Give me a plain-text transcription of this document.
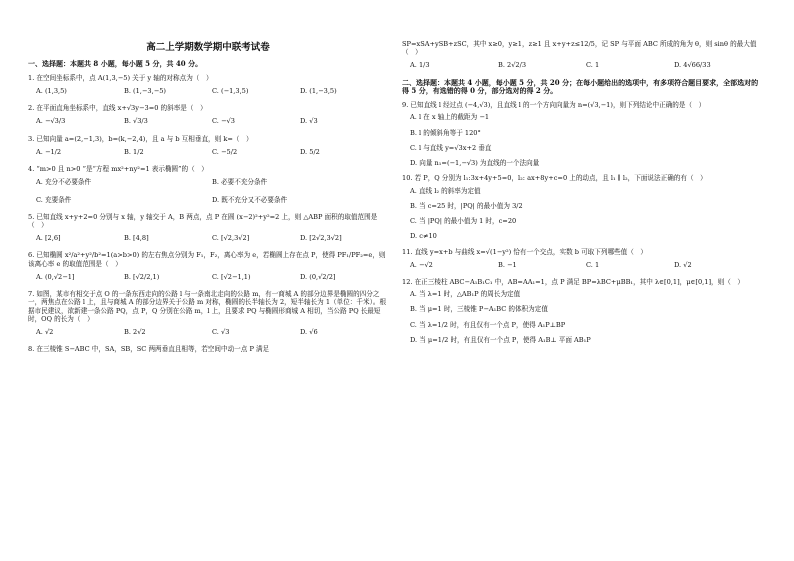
高二上学期数学期中联考试卷
一、选择题：本题共 8 小题，每小题 5 分，共 40 分。
1. 在空间坐标系中，点 A(1,3,−5) 关于 y 轴的对称点为（　）
A. (1,3,5)	B. (1,−3,−5)	C. (−1,3,5)	D. (1,−3,5)
2. 在平面直角坐标系中，直线 x+√3y−3=0 的斜率是（　）
A. −√3/3	B. √3/3	C. −√3	D. √3
3. 已知向量 a=(2,−1,3)，b=(k,−2,4)，且 a 与 b 互相垂直，则 k=（　）
A. −1/2	B. 1/2	C. −5/2	D. 5/2
4. “m>0 且 n>0 ”是“方程 mx²+ny²=1 表示椭圆”的（　）
A. 充分不必要条件	B. 必要不充分条件
C. 充要条件	D. 既不充分又不必要条件
5. 已知直线 x+y+2=0 分别与 x 轴，y 轴交于 A，B 两点，点 P 在圆 (x−2)²+y²=2 上，则 △ABP 面积的取值范围是（　）
A. [2,6]	B. [4,8]	C. [√2,3√2]	D. [2√2,3√2]
6. 已知椭圆 x²/a²+y²/b²=1(a>b>0) 的左右焦点分别为 F₁，F₂，离心率为 e，若椭圆上存在点 P，使得 PF₁/PF₂=e，则该离心率 e 的取值范围是（　）
A. (0,√2−1]	B. [√2/2,1)	C. [√2−1,1)	D. (0,√2/2]
7. 如图，某市有相交于点 O 的一条东西走向的公路 l 与一条南北走向的公路 m，有一商城 A 的部分边界是椭圆的四分之一，两焦点在公路 l 上，且与商城 A 的部分边界关于公路 m 对称，椭圆的长半轴长为 2，短半轴长为 1（单位：千米）。根据市民建议，欲新建一条公路 PQ，点 P，Q 分别在公路 m，l 上，且要求 PQ 与椭圆形商城 A 相切，当公路 PQ 长最短时，OQ 的长为（　）
A. √2	B. 2√2	C. √3	D. √6
8. 在三棱锥 S−ABC 中，SA，SB，SC 两两垂直且相等，若空间中动一点 P 满足
SP=xSA+ySB+zSC，其中 x≥0，y≥1，z≥1 且 x+y+z≤12/5，记 SP 与平面 ABC 所成的角为 θ，则 sinθ 的最大值（　）
A. 1/3	B. 2√2/3	C. 1	D. 4√66/33
二、选择题：本题共 4 小题，每小题 5 分，共 20 分；在每小题给出的选项中，有多项符合题目要求，全部选对的得 5 分，有选错的得 0 分，部分选对的得 2 分。
9. 已知直线 l 经过点 (−4,√3)，且直线 l 的一个方向向量为 n=(√3,−1)，则下列结论中正确的是（　）
A. l 在 x 轴上的截距为 −1
B. l 的倾斜角等于 120°
C. l 与直线 y=√3x+2 垂直
D. 向量 n₁=(−1,−√3) 为直线的一个法向量
10. 若 P，Q 分别为 l₁:3x+4y+5=0，l₂: ax+8y+c=0 上的动点，且 l₁ ∥ l₂，下面说法正确的有（　）
A. 直线 l₂ 的斜率为定值
B. 当 c=25 时，|PQ| 的最小值为 3/2
C. 当 |PQ| 的最小值为 1 时，c=20
D. c≠10
11. 直线 y=x+b 与曲线 x=√(1−y²) 恰有一个交点，实数 b 可取下列哪些值（　）
A. −√2	B. −1	C. 1	D. √2
12. 在正三棱柱 ABC−A₁B₁C₁ 中，AB=AA₁=1，点 P 满足 BP=λBC+μBB₁，其中 λ∈[0,1]，μ∈[0,1]，则（　）
A. 当 λ=1 时，△AB₁P 的周长为定值
B. 当 μ=1 时，三棱锥 P−A₁BC 的体积为定值
C. 当 λ=1/2 时，有且仅有一个点 P，使得 A₁P⊥BP
D. 当 μ=1/2 时，有且仅有一个点 P，使得 A₁B⊥ 平面 AB₁P
